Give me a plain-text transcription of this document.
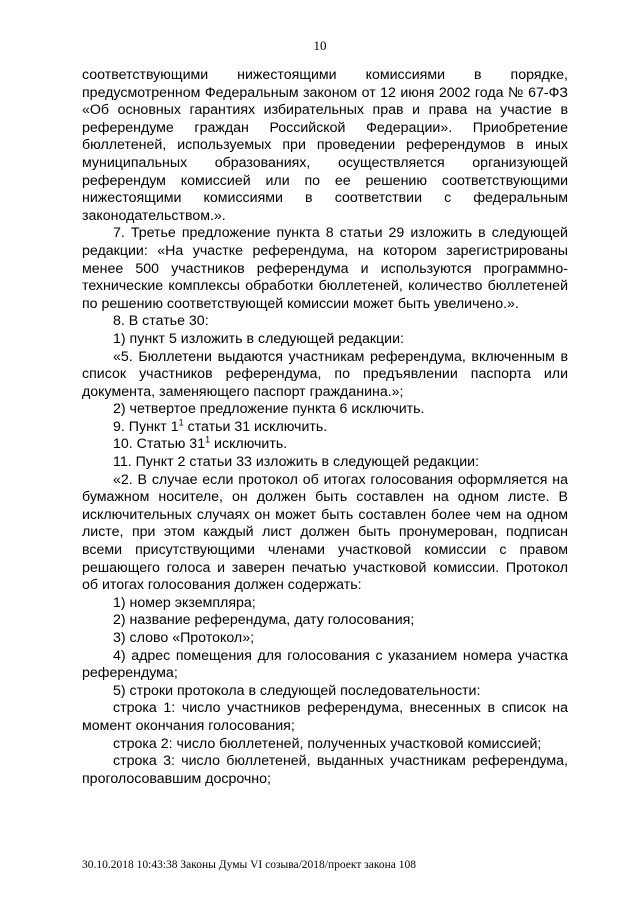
10

соответствующими нижестоящими комиссиями в порядке, предусмотренном Федеральным законом от 12 июня 2002 года № 67-ФЗ «Об основных гарантиях избирательных прав и права на участие в референдуме граждан Российской Федерации». Приобретение бюллетеней, используемых при проведении референдумов в иных муниципальных образованиях, осуществляется организующей референдум комиссией или по ее решению соответствующими нижестоящими комиссиями в соответствии с федеральным законодательством.».

7. Третье предложение пункта 8 статьи 29 изложить в следующей редакции: «На участке референдума, на котором зарегистрированы менее 500 участников референдума и используются программно-технические комплексы обработки бюллетеней, количество бюллетеней по решению соответствующей комиссии может быть увеличено.».

8. В статье 30:

1) пункт 5 изложить в следующей редакции:

«5. Бюллетени выдаются участникам референдума, включенным в список участников референдума, по предъявлении паспорта или документа, заменяющего паспорт гражданина.»;

2) четвертое предложение пункта 6 исключить.

9. Пункт $1^1$ статьи 31 исключить.

10. Статью $31^1$ исключить.

11. Пункт 2 статьи 33 изложить в следующей редакции:

«2. В случае если протокол об итогах голосования оформляется на бумажном носителе, он должен быть составлен на одном листе. В исключительных случаях он может быть составлен более чем на одном листе, при этом каждый лист должен быть пронумерован, подписан всеми присутствующими членами участковой комиссии с правом решающего голоса и заверен печатью участковой комиссии. Протокол об итогах голосования должен содержать:

1) номер экземпляра;

2) название референдума, дату голосования;

3) слово «Протокол»;

4) адрес помещения для голосования с указанием номера участка референдума;

5) строки протокола в следующей последовательности:

строка 1: число участников референдума, внесенных в список на момент окончания голосования;

строка 2: число бюллетеней, полученных участковой комиссией;

строка 3: число бюллетеней, выданных участникам референдума, проголосовавшим досрочно;

30.10.2018 10:43:38 Законы Думы VI созыва/2018/проект закона 108
